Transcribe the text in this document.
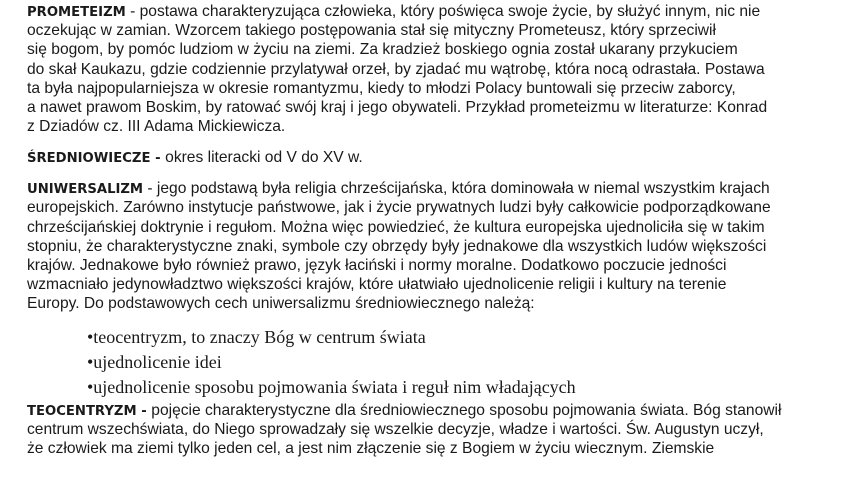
PROMETEIZM - postawa charakteryzująca człowieka, który poświęca swoje życie, by służyć innym, nic nie
oczekując w zamian. Wzorcem takiego postępowania stał się mityczny Prometeusz, który sprzeciwił
się bogom, by pomóc ludziom w życiu na ziemi. Za kradzież boskiego ognia został ukarany przykuciem
do skał Kaukazu, gdzie codziennie przylatywał orzeł, by zjadać mu wątrobę, która nocą odrastała. Postawa
ta była najpopularniejsza w okresie romantyzmu, kiedy to młodzi Polacy buntowali się przeciw zaborcy,
a nawet prawom Boskim, by ratować swój kraj i jego obywateli. Przykład prometeizmu w literaturze: Konrad
z Dziadów cz. III Adama Mickiewicza.
ŚREDNIOWIECZE - okres literacki od V do XV w.
UNIWERSALIZM - jego podstawą była religia chrześcijańska, która dominowała w niemal wszystkim krajach
europejskich. Zarówno instytucje państwowe, jak i życie prywatnych ludzi były całkowicie podporządkowane
chrześcijańskiej doktrynie i regułom. Można więc powiedzieć, że kultura europejska ujednoliciła się w takim
stopniu, że charakterystyczne znaki, symbole czy obrzędy były jednakowe dla wszystkich ludów większości
krajów. Jednakowe było również prawo, język łaciński i normy moralne. Dodatkowo poczucie jedności
wzmacniało jedynowładztwo większości krajów, które ułatwiało ujednolicenie religii i kultury na terenie
Europy. Do podstawowych cech uniwersalizmu średniowiecznego należą:
•teocentryzm, to znaczy Bóg w centrum świata
•ujednolicenie idei
•ujednolicenie sposobu pojmowania świata i reguł nim władających
TEOCENTRYZM - pojęcie charakterystyczne dla średniowiecznego sposobu pojmowania świata. Bóg stanowił
centrum wszechświata, do Niego sprowadzały się wszelkie decyzje, władze i wartości. Św. Augustyn uczył,
że człowiek ma ziemi tylko jeden cel, a jest nim złączenie się z Bogiem w życiu wiecznym. Ziemskie
